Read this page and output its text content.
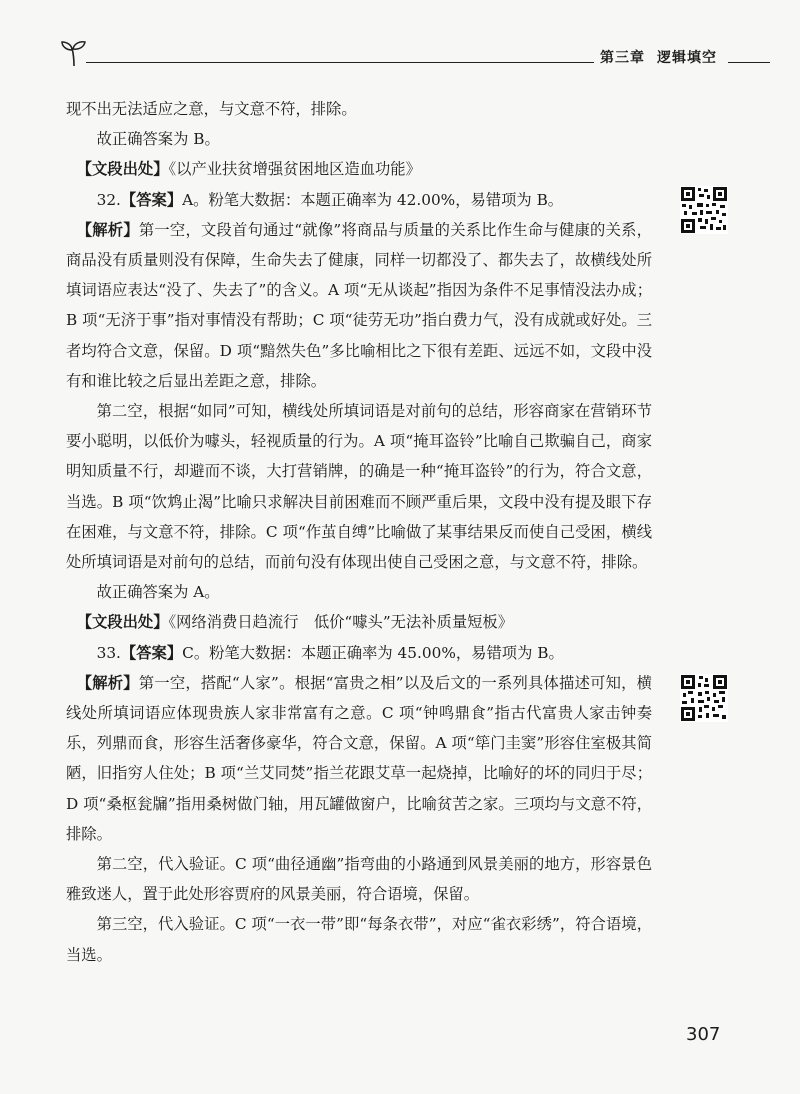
第三章 逻辑填空

现不出无法适应之意，与文意不符，排除。

故正确答案为 B。

【文段出处】《以产业扶贫增强贫困地区造血功能》

32.【答案】A。粉笔大数据：本题正确率为 42.00%，易错项为 B。

【解析】第一空，文段首句通过“就像”将商品与质量的关系比作生命与健康的关系，商品没有质量则没有保障，生命失去了健康，同样一切都没了、都失去了，故横线处所填词语应表达“没了、失去了”的含义。A 项“无从谈起”指因为条件不足事情没法办成；B 项“无济于事”指对事情没有帮助；C 项“徒劳无功”指白费力气，没有成就或好处。三者均符合文意，保留。D 项“黯然失色”多比喻相比之下很有差距、远远不如，文段中没有和谁比较之后显出差距之意，排除。

第二空，根据“如同”可知，横线处所填词语是对前句的总结，形容商家在营销环节要小聪明，以低价为噱头，轻视质量的行为。A 项“掩耳盗铃”比喻自己欺骗自己，商家明知质量不行，却避而不谈，大打营销牌，的确是一种“掩耳盗铃”的行为，符合文意，当选。B 项“饮鸩止渴”比喻只求解决目前困难而不顾严重后果，文段中没有提及眼下存在困难，与文意不符，排除。C 项“作茧自缚”比喻做了某事结果反而使自己受困，横线处所填词语是对前句的总结，而前句没有体现出使自己受困之意，与文意不符，排除。

故正确答案为 A。

【文段出处】《网络消费日趋流行　低价“噱头”无法补质量短板》

33.【答案】C。粉笔大数据：本题正确率为 45.00%，易错项为 B。

【解析】第一空，搭配“人家”。根据“富贵之相”以及后文的一系列具体描述可知，横线处所填词语应体现贵族人家非常富有之意。C 项“钟鸣鼎食”指古代富贵人家击钟奏乐，列鼎而食，形容生活奢侈豪华，符合文意，保留。A 项“筚门圭窦”形容住室极其简陋，旧指穷人住处；B 项“兰艾同焚”指兰花跟艾草一起烧掉，比喻好的坏的同归于尽；D 项“桑枢瓮牖”指用桑树做门轴，用瓦罐做窗户，比喻贫苦之家。三项均与文意不符，排除。

第二空，代入验证。C 项“曲径通幽”指弯曲的小路通到风景美丽的地方，形容景色雅致迷人，置于此处形容贾府的风景美丽，符合语境，保留。

第三空，代入验证。C 项“一衣一带”即“每条衣带”，对应“雀衣彩绣”，符合语境，当选。

307
